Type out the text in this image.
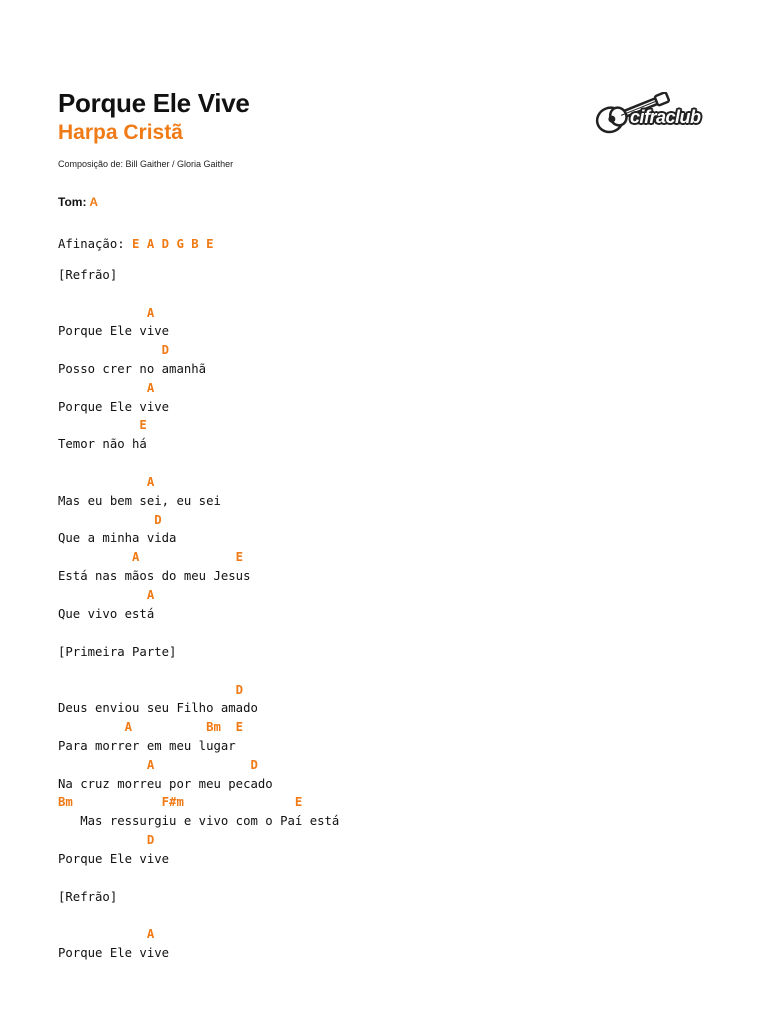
Porque Ele Vive
Harpa Cristã
Composição de: Bill Gaither / Gloria Gaither
cifraclub
Tom: A
Afinação: E A D G B E
[Refrão]
A
Porque Ele vive
D
Posso crer no amanhã
A
Porque Ele vive
E
Temor não há
A
Mas eu bem sei, eu sei
D
Que a minha vida
A             E
Está nas mãos do meu Jesus
A
Que vivo está
[Primeira Parte]
D
Deus enviou seu Filho amado
A          Bm  E
Para morrer em meu lugar
A             D
Na cruz morreu por meu pecado
Bm            F#m               E
Mas ressurgiu e vivo com o Paí está
D
Porque Ele vive
[Refrão]
A
Porque Ele vive
